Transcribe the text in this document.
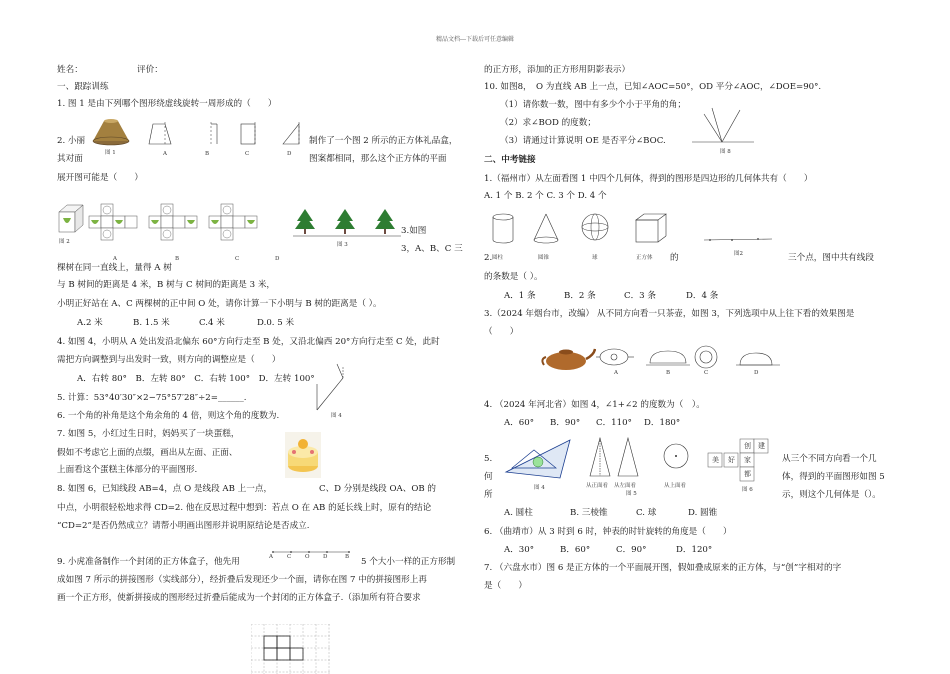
精品文档---下载后可任意编辑
姓名：	评价：
一、跟踪训练
1. 图 1 是由下列哪个图形绕虚线旋转一周形成的（　　）
图 1	A	B	C	D
2. 小丽	制作了一个图 2 所示的正方体礼品盒，
其对面	图案都相同，那么这个正方体的平面
展开图可能是（　　）
图 2
A	B	C	D
图 3
3.如图
3，A、B、C 三
棵树在同一直线上，量得 A 树
与 B 树间的距离是 4 米，B 树与 C 树间的距离是 3 米，
小明正好站在 A、C 两棵树的正中间 O 处，请你计算一下小明与 B 树的距离是（ ）。
A.2 米	B. 1.5 米	C.4 米	D.0. 5 米
4. 如图 4，小明从 A 处出发沿北偏东 60°方向行走至 B 处，又沿北偏西 20°方向行走至 C 处，此时
需把方向调整到与出发时一致，则方向的调整应是（　　）
A．右转 80°　B．左转 80°　C．右转 100°　D．左转 100°
图 4
5. 计算：53°40′30″×2−75°57′28″÷2=______.
6. 一个角的补角是这个角余角的 4 倍，则这个角的度数为.
7. 如图 5，小红过生日时，妈妈买了一块蛋糕，
假如不考虑它上面的点缀，画出从左面、正面、
上面看这个蛋糕主体部分的平面图形.
8. 如图 6，已知线段 AB=4，点 O 是线段 AB 上一点，	C、D 分别是线段 OA、OB 的
中点，小明很轻松地求得 CD=2. 他在反思过程中想到：若点 O 在 AB 的延长线上时，原有的结论
“CD=2”是否仍然成立？请帮小明画出图形并说明原结论是否成立.
9. 小虎准备制作一个封闭的正方体盒子，他先用	A	C	O D	B 5 个大小一样的正方形制
成如图 7 所示的拼接图形（实线部分），经折叠后发现还少一个面，请你在图 7 中的拼接图形上再
画一个正方形，使新拼接成的图形经过折叠后能成为一个封闭的正方体盒子.（添加所有符合要求
的正方形，添加的正方形用阴影表示）
10. 如图8，　O 为直线 AB 上一点，已知∠AOC=50°，OD 平分∠AOC，∠DOE=90°.
（1）请你数一数，图中有多少个小于平角的角；
（2）求∠BOD 的度数；
（3）请通过计算说明 OE 是否平分∠BOC.
图 8
二、中考链接
1.（福州市）从左面看图 1 中四个几何体，得到的图形是四边形的几何体共有（　　）
A. 1 个 B. 2 个 C. 3 个 D. 4 个
2. 圆柱	圆锥	球	正方体 的	图2	三个点，图中共有线段
的条数是（ ）。
A．1 条	B．2 条	C．3 条	D．4 条
3.（2024 年烟台市，改编） 从不同方向看一只茶壶，如图 3，下列选项中从上往下看的效果图是
（　　）
A	B	C	D
4. （2024 年河北省）如图 4，∠1+∠2 的度数为（　）。
A．60° B．90° C．110° D．180°
5.
何
所
图 4	从正面看 从左面看	从上面看
图 5
创 建
美 好 家
都
图 6
从三个不同方向看一个几
体，得到的平面图形如图 5
示，则这个几何体是（）。
A. 圆柱	B. 三棱锥	C. 球	D. 圆锥
6. （曲靖市）从 3 时到 6 时，钟表的时针旋转的角度是（　　）
A．30°	B．60°	C．90°	D．120°
7. （六盘水市）图 6 是正方体的一个平面展开图，假如叠成原来的正方体，与“创”字相对的字
是（　　）
